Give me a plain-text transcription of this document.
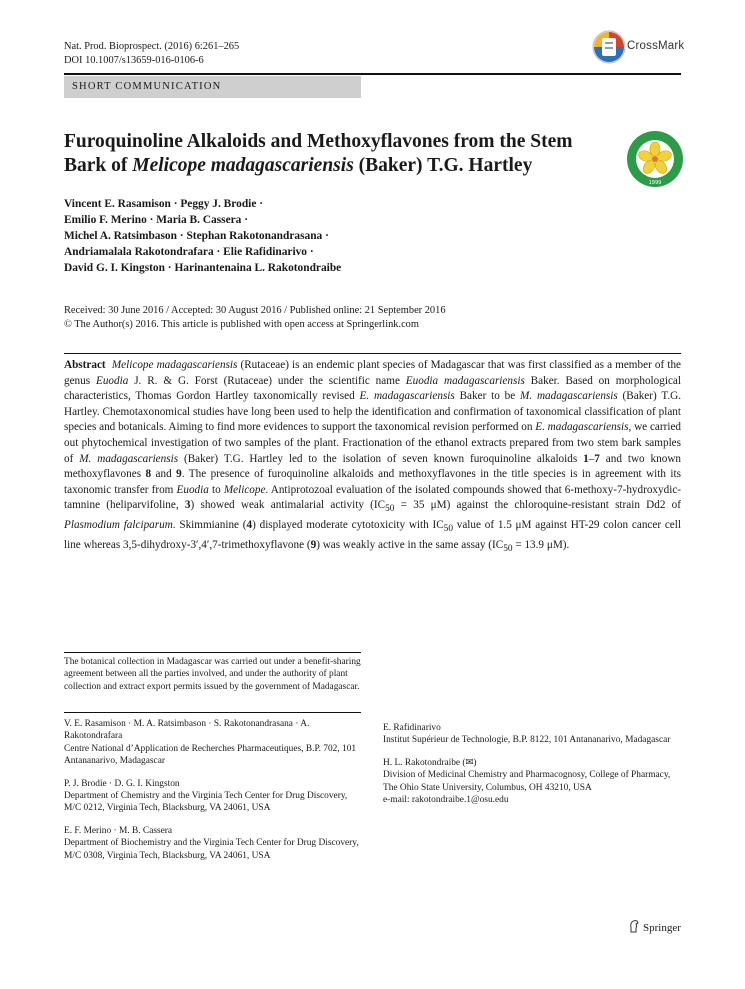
Nat. Prod. Bioprospect. (2016) 6:261–265
DOI 10.1007/s13659-016-0106-6
CrossMark
SHORT COMMUNICATION
Furoquinoline Alkaloids and Methoxyflavones from the Stem
Bark of Melicope madagascariensis (Baker) T.G. Hartley
1999
Vincent E. Rasamison · Peggy J. Brodie ·
Emilio F. Merino · Maria B. Cassera ·
Michel A. Ratsimbason · Stephan Rakotonandrasana ·
Andriamalala Rakotondrafara · Elie Rafidinarivo ·
David G. I. Kingston · Harinantenaina L. Rakotondraibe
Received: 30 June 2016 / Accepted: 30 August 2016 / Published online: 21 September 2016
© The Author(s) 2016. This article is published with open access at Springerlink.com
Abstract Melicope madagascariensis (Rutaceae) is an endemic plant species of Madagascar that was first classified as a member of the genus Euodia J. R. & G. Forst (Rutaceae) under the scientific name Euodia madagascariensis Baker. Based on morphological characteristics, Thomas Gordon Hartley taxonomically revised E. madagascariensis Baker to be M. madagascariensis (Baker) T.G. Hartley. Chemotaxonomical studies have long been used to help the identification and confirmation of taxonomical classification of plant species and botanicals. Aiming to find more evidences to support the taxonomical revision performed on E. madagascariensis, we carried out phytochemical investigation of two samples of the plant. Fractionation of the ethanol extracts prepared from two stem bark samples of M. madagascariensis (Baker) T.G. Hartley led to the isolation of seven known furoquinoline alkaloids 1–7 and two known methoxyflavones 8 and 9. The presence of furoquinoline alkaloids and methoxyflavones in the title species is in agreement with its taxonomic transfer from Euodia to Melicope. Antiprotozoal evaluation of the isolated compounds showed that 6-methoxy-7-hydroxydic-tamnine (heliparvifoline, 3) showed weak antimalarial activity ($IC_{50} = 35$ μM) against the chloroquine-resistant strain Dd2 of Plasmodium falciparum. Skimmianine (4) displayed moderate cytotoxicity with $IC_{50}$ value of 1.5 μM against HT-29 colon cancer cell line whereas 3,5-dihydroxy-3′,4′,7-trimethoxyflavone (9) was weakly active in the same assay ($IC_{50} = 13.9$ μM).
The botanical collection in Madagascar was carried out under a benefit-sharing agreement between all the parties involved, and under the authority of plant collection and extract export permits issued by the government of Madagascar.
V. E. Rasamison · M. A. Ratsimbason · S. Rakotonandrasana · A. Rakotondrafara
Centre National d’Application de Recherches Pharmaceutiques, B.P. 702, 101 Antananarivo, Madagascar
P. J. Brodie · D. G. I. Kingston
Department of Chemistry and the Virginia Tech Center for Drug Discovery, M/C 0212, Virginia Tech, Blacksburg, VA 24061, USA
E. F. Merino · M. B. Cassera
Department of Biochemistry and the Virginia Tech Center for Drug Discovery, M/C 0308, Virginia Tech, Blacksburg, VA 24061, USA
E. Rafidinarivo
Institut Supérieur de Technologie, B.P. 8122, 101 Antananarivo, Madagascar
H. L. Rakotondraibe (✉)
Division of Medicinal Chemistry and Pharmacognosy, College of Pharmacy, The Ohio State University, Columbus, OH 43210, USA
e-mail: rakotondraibe.1@osu.edu
Springer
